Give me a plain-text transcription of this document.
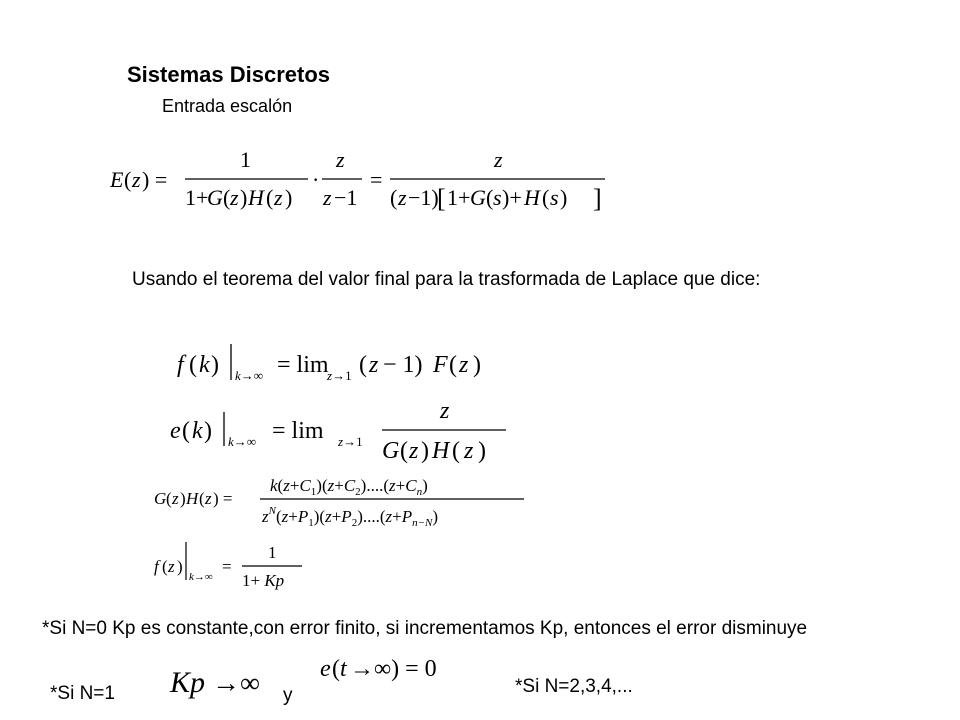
Sistemas Discretos
Entrada escalón
E ( z ) =
1
1+
G ( z ) H ( z )
·
z
z −1
=
z
( z −1)
[ 1+ G ( s )+ H ( s ) ]
Usando el teorema del valor final para la trasformada de Laplace que dice:
f ( k ) k→∞ = lim
z→1 ( z − 1) F ( z )
e ( k ) k→∞ = lim z→1
z
G ( z ) H ( z )
G ( z ) H ( z ) =
$k(z+C_1)(z+C_2)....(z+C_n)$
$z^N(z+P_1)(z+P_2)....(z+P_{n-N})$
f ( z )
k→∞
=
1
1+ Kp
*Si N=0 Kp es constante,con error finito, si incrementamos Kp, entonces el error disminuye
*Si N=1 Kp →∞ y
e ( t →∞) = 0
*Si N=2,3,4,...
